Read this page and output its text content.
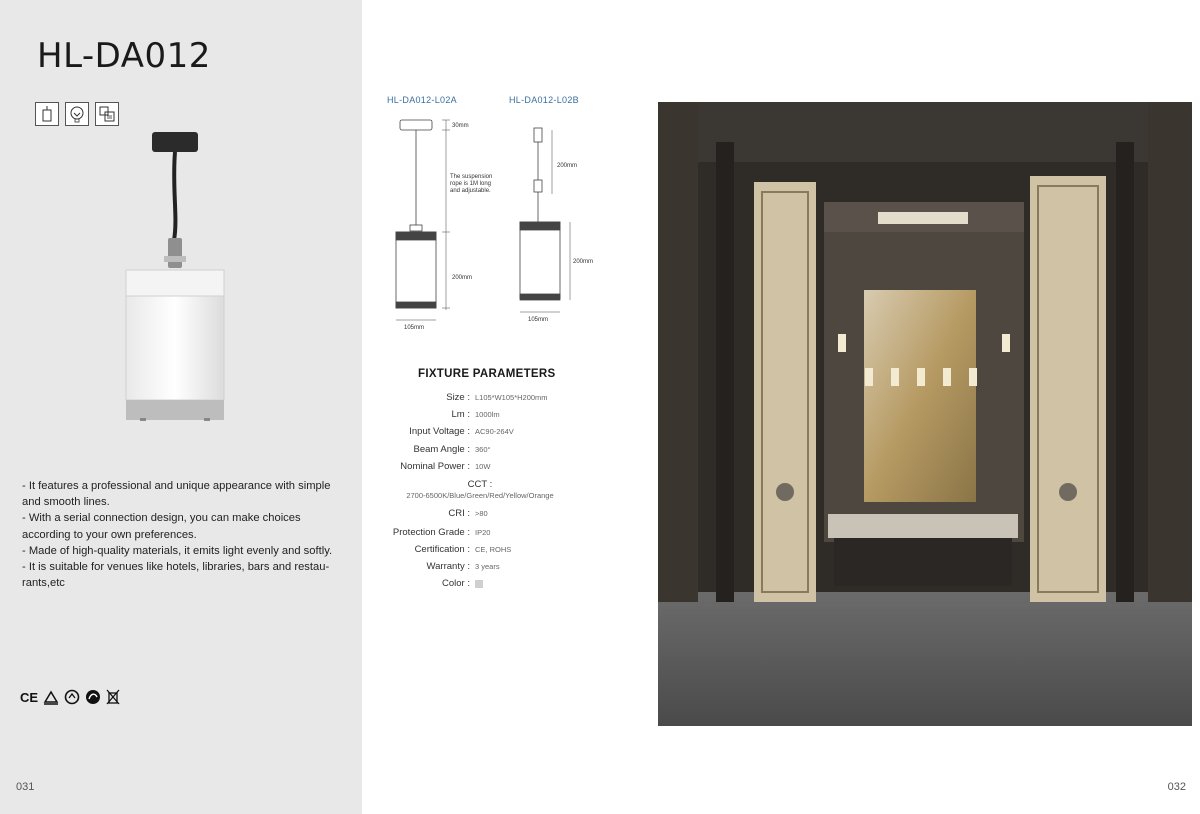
HL-DA012
- It features a professional and unique appearance with simple and smooth lines.
- With a serial connection design, you can make choices according to your own preferences.
- Made of high-quality materials, it emits light evenly and softly.
- It is suitable for venues like hotels, libraries, bars and restau-rants,etc
CE
031
HL-DA012-L02A	HL-DA012-L02B
30mm
The suspension
rope is 1M long
and adjustable.
200mm
105mm
200mm
200mm
105mm
FIXTURE PARAMETERS
Size : L105*W105*H200mm
Lm : 1000lm
Input Voltage : AC90-264V
Beam Angle : 360°
Nominal Power : 10W
CCT :
2700-6500K/Blue/Green/Red/Yellow/Orange
CRI : >80
Protection Grade : IP20
Certification : CE, ROHS
Warranty : 3 years
Color :
032
